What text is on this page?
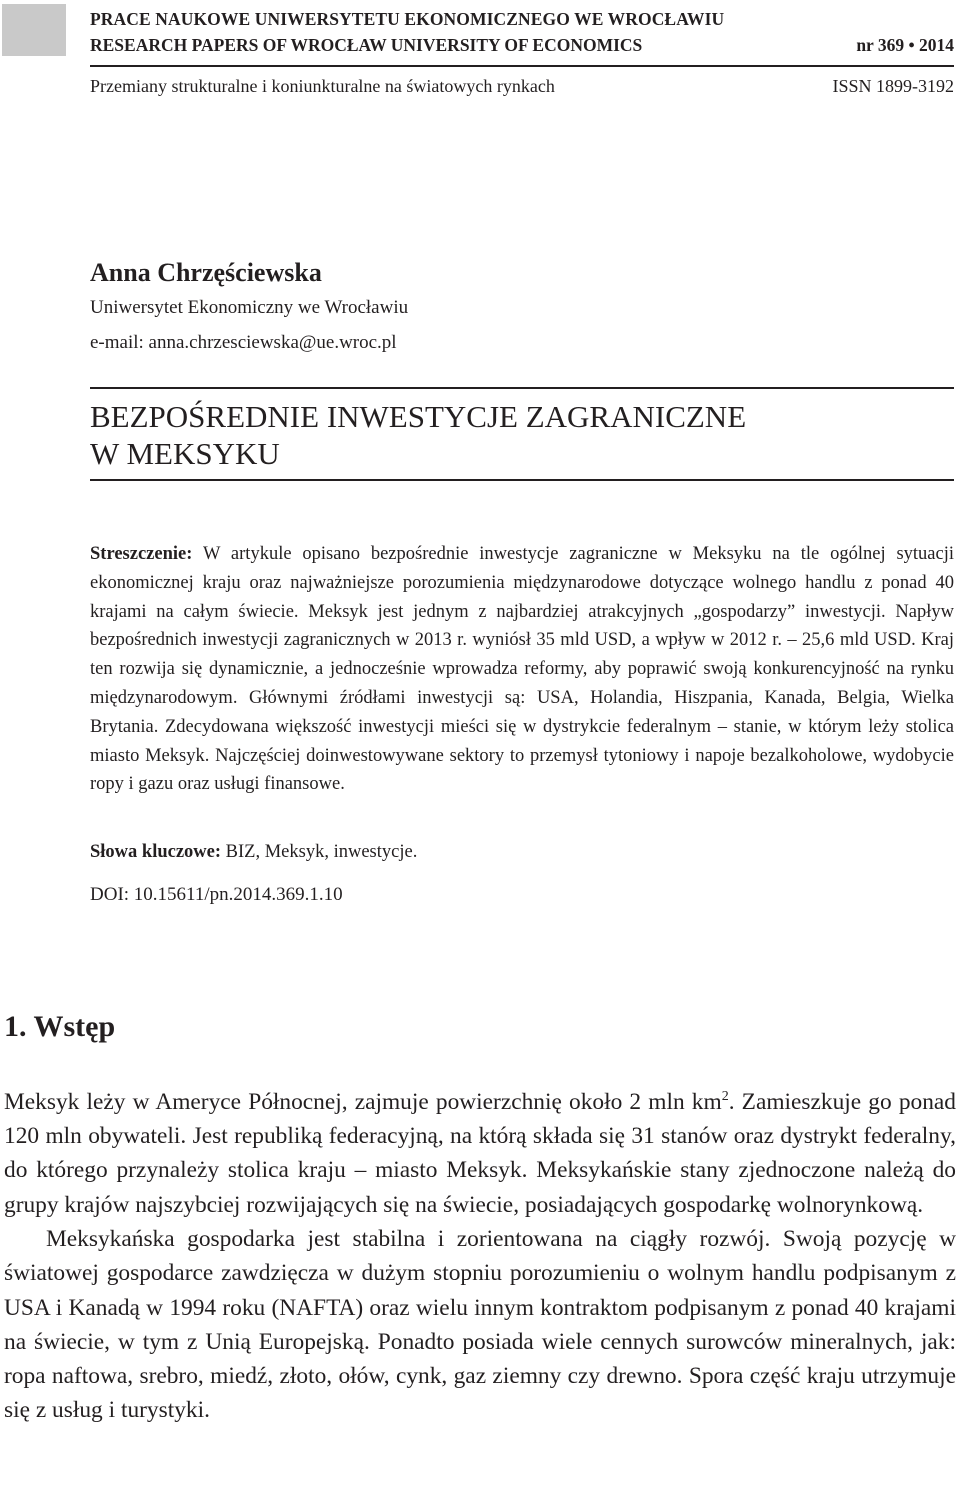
PRACE NAUKOWE UNIWERSYTETU EKONOMICZNEGO WE WROCŁAWIU
RESEARCH PAPERS OF WROCŁAW UNIVERSITY OF ECONOMICS	nr 369 • 2014
Przemiany strukturalne i koniunkturalne na światowych rynkach	ISSN 1899-3192
Anna Chrzęściewska
Uniwersytet Ekonomiczny we Wrocławiu
e-mail: anna.chrzesciewska@ue.wroc.pl
BEZPOŚREDNIE INWESTYCJE ZAGRANICZNE
W MEKSYKU
Streszczenie: W artykule opisano bezpośrednie inwestycje zagraniczne w Meksyku na tle ogólnej sytuacji ekonomicznej kraju oraz najważniejsze porozumienia międzynarodowe dotyczące wolnego handlu z ponad 40 krajami na całym świecie. Meksyk jest jednym z najbardziej atrakcyjnych „gospodarzy” inwestycji. Napływ bezpośrednich inwestycji zagranicznych w 2013 r. wyniósł 35 mld USD, a wpływ w 2012 r. – 25,6 mld USD. Kraj ten rozwija się dynamicznie, a jednocześnie wprowadza reformy, aby poprawić swoją konkurencyjność na rynku międzynarodowym. Głównymi źródłami inwestycji są: USA, Holandia, Hiszpania, Kanada, Belgia, Wielka Brytania. Zdecydowana większość inwestycji mieści się w dystrykcie federalnym – stanie, w którym leży stolica miasto Meksyk. Najczęściej doinwestowywane sektory to przemysł tytoniowy i napoje bezalkoholowe, wydobycie ropy i gazu oraz usługi finansowe.
Słowa kluczowe: BIZ, Meksyk, inwestycje.
DOI: 10.15611/pn.2014.369.1.10
1. Wstęp

Meksyk leży w Ameryce Północnej, zajmuje powierzchnię około 2 mln $km^2$. Zamieszkuje go ponad 120 mln obywateli. Jest republiką federacyjną, na którą składa się 31 stanów oraz dystrykt federalny, do którego przynależy stolica kraju – miasto Meksyk. Meksykańskie stany zjednoczone należą do grupy krajów najszybciej rozwijających się na świecie, posiadających gospodarkę wolnorynkową.

Meksykańska gospodarka jest stabilna i zorientowana na ciągły rozwój. Swoją pozycję w światowej gospodarce zawdzięcza w dużym stopniu porozumieniu o wolnym handlu podpisanym z USA i Kanadą w 1994 roku (NAFTA) oraz wielu innym kontraktom podpisanym z ponad 40 krajami na świecie, w tym z Unią Europejską. Ponadto posiada wiele cennych surowców mineralnych, jak: ropa naftowa, srebro, miedź, złoto, ołów, cynk, gaz ziemny czy drewno. Spora część kraju utrzymuje się z usług i turystyki.
